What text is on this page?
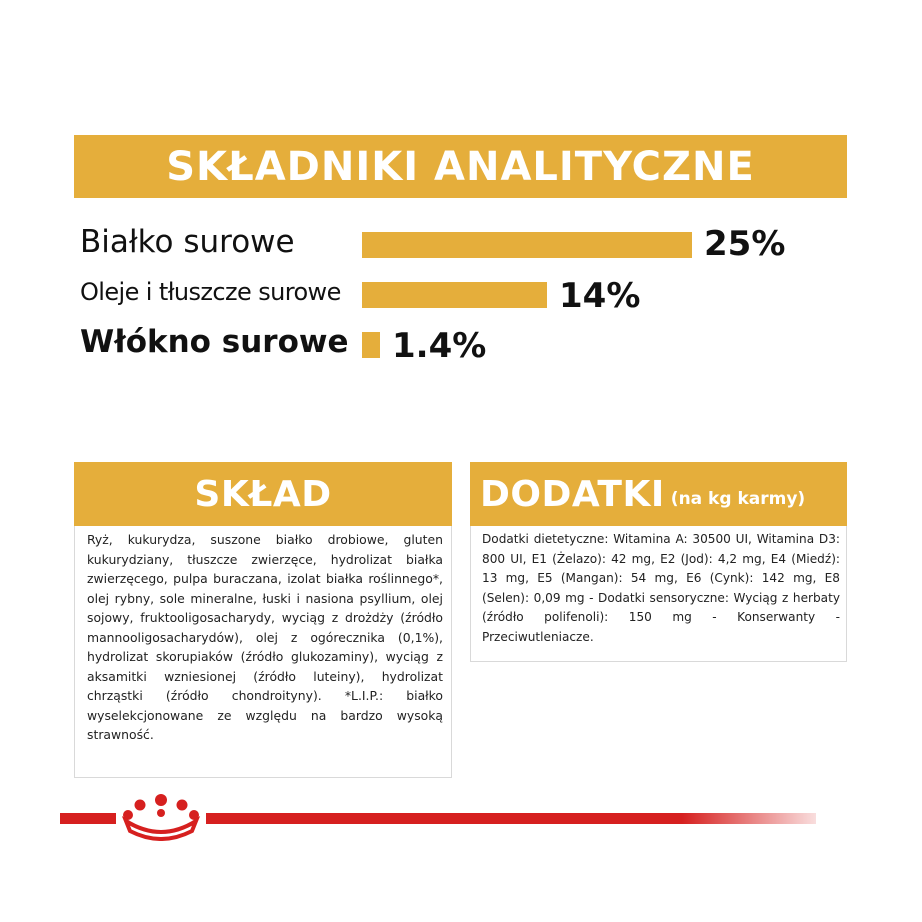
SKŁADNIKI ANALITYCZNE
Białko surowe
Oleje i tłuszcze surowe
Włókno surowe
25%
14%
1.4%
SKŁAD
Ryż, kukurydza, suszone białko drobiowe, gluten kukurydziany, tłuszcze zwierzęce, hydrolizat białka zwierzęcego, pulpa buraczana, izolat białka roślinnego*, olej rybny, sole mineralne, łuski i nasiona psyllium, olej sojowy, fruktooligosacharydy, wyciąg z drożdży (źródło mannooligosacharydów), olej z ogórecznika (0,1%), hydrolizat skorupiaków (źródło glukozaminy), wyciąg z aksamitki wzniesionej (źródło luteiny), hydrolizat chrząstki (źródło chondroityny). *L.I.P.: białko wyselekcjonowane ze względu na bardzo wysoką strawność.
DODATKI (na kg karmy)
Dodatki dietetyczne: Witamina A: 30500 UI, Witamina D3: 800 UI, E1 (Żelazo): 42 mg, E2 (Jod): 4,2 mg, E4 (Miedź): 13 mg, E5 (Mangan): 54 mg, E6 (Cynk): 142 mg, E8 (Selen): 0,09 mg - Dodatki sensoryczne: Wyciąg z herbaty (źródło polifenoli): 150 mg - Konserwanty - Przeciwutleniacze.
